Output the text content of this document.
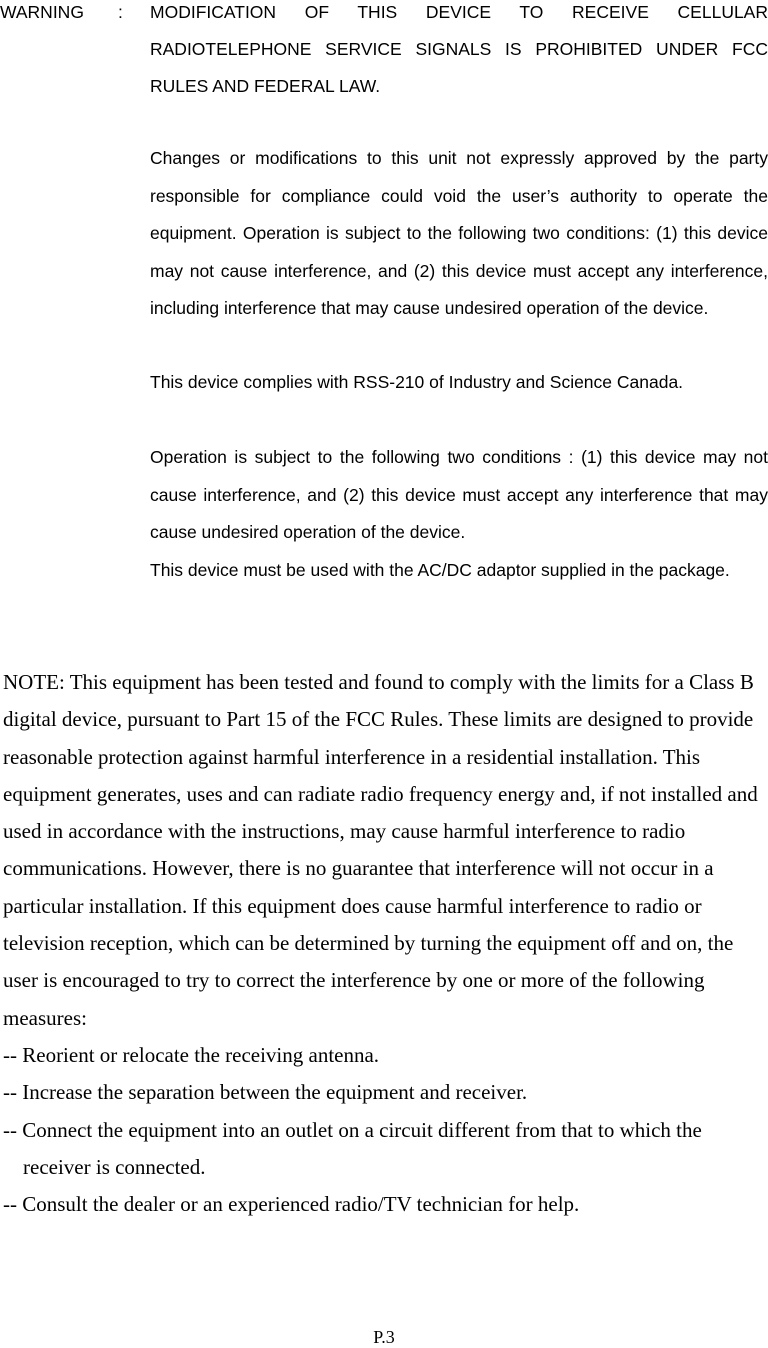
WARNING : MODIFICATION OF THIS DEVICE TO RECEIVE CELLULAR RADIOTELEPHONE SERVICE SIGNALS IS PROHIBITED UNDER FCC RULES AND FEDERAL LAW.

Changes or modifications to this unit not expressly approved by the party responsible for compliance could void the user’s authority to operate the equipment. Operation is subject to the following two conditions: (1) this device may not cause interference, and (2) this device must accept any interference, including interference that may cause undesired operation of the device.

This device complies with RSS-210 of Industry and Science Canada.

Operation is subject to the following two conditions : (1) this device may not cause interference, and (2) this device must accept any interference that may cause undesired operation of the device.

This device must be used with the AC/DC adaptor supplied in the package.

NOTE: This equipment has been tested and found to comply with the limits for a Class B digital device, pursuant to Part 15 of the FCC Rules. These limits are designed to provide reasonable protection against harmful interference in a residential installation. This equipment generates, uses and can radiate radio frequency energy and, if not installed and used in accordance with the instructions, may cause harmful interference to radio communications. However, there is no guarantee that interference will not occur in a particular installation. If this equipment does cause harmful interference to radio or television reception, which can be determined by turning the equipment off and on, the user is encouraged to try to correct the interference by one or more of the following measures:

-- Reorient or relocate the receiving antenna.

-- Increase the separation between the equipment and receiver.

-- Connect the equipment into an outlet on a circuit different from that to which the receiver is connected.

-- Consult the dealer or an experienced radio/TV technician for help.

P.3
